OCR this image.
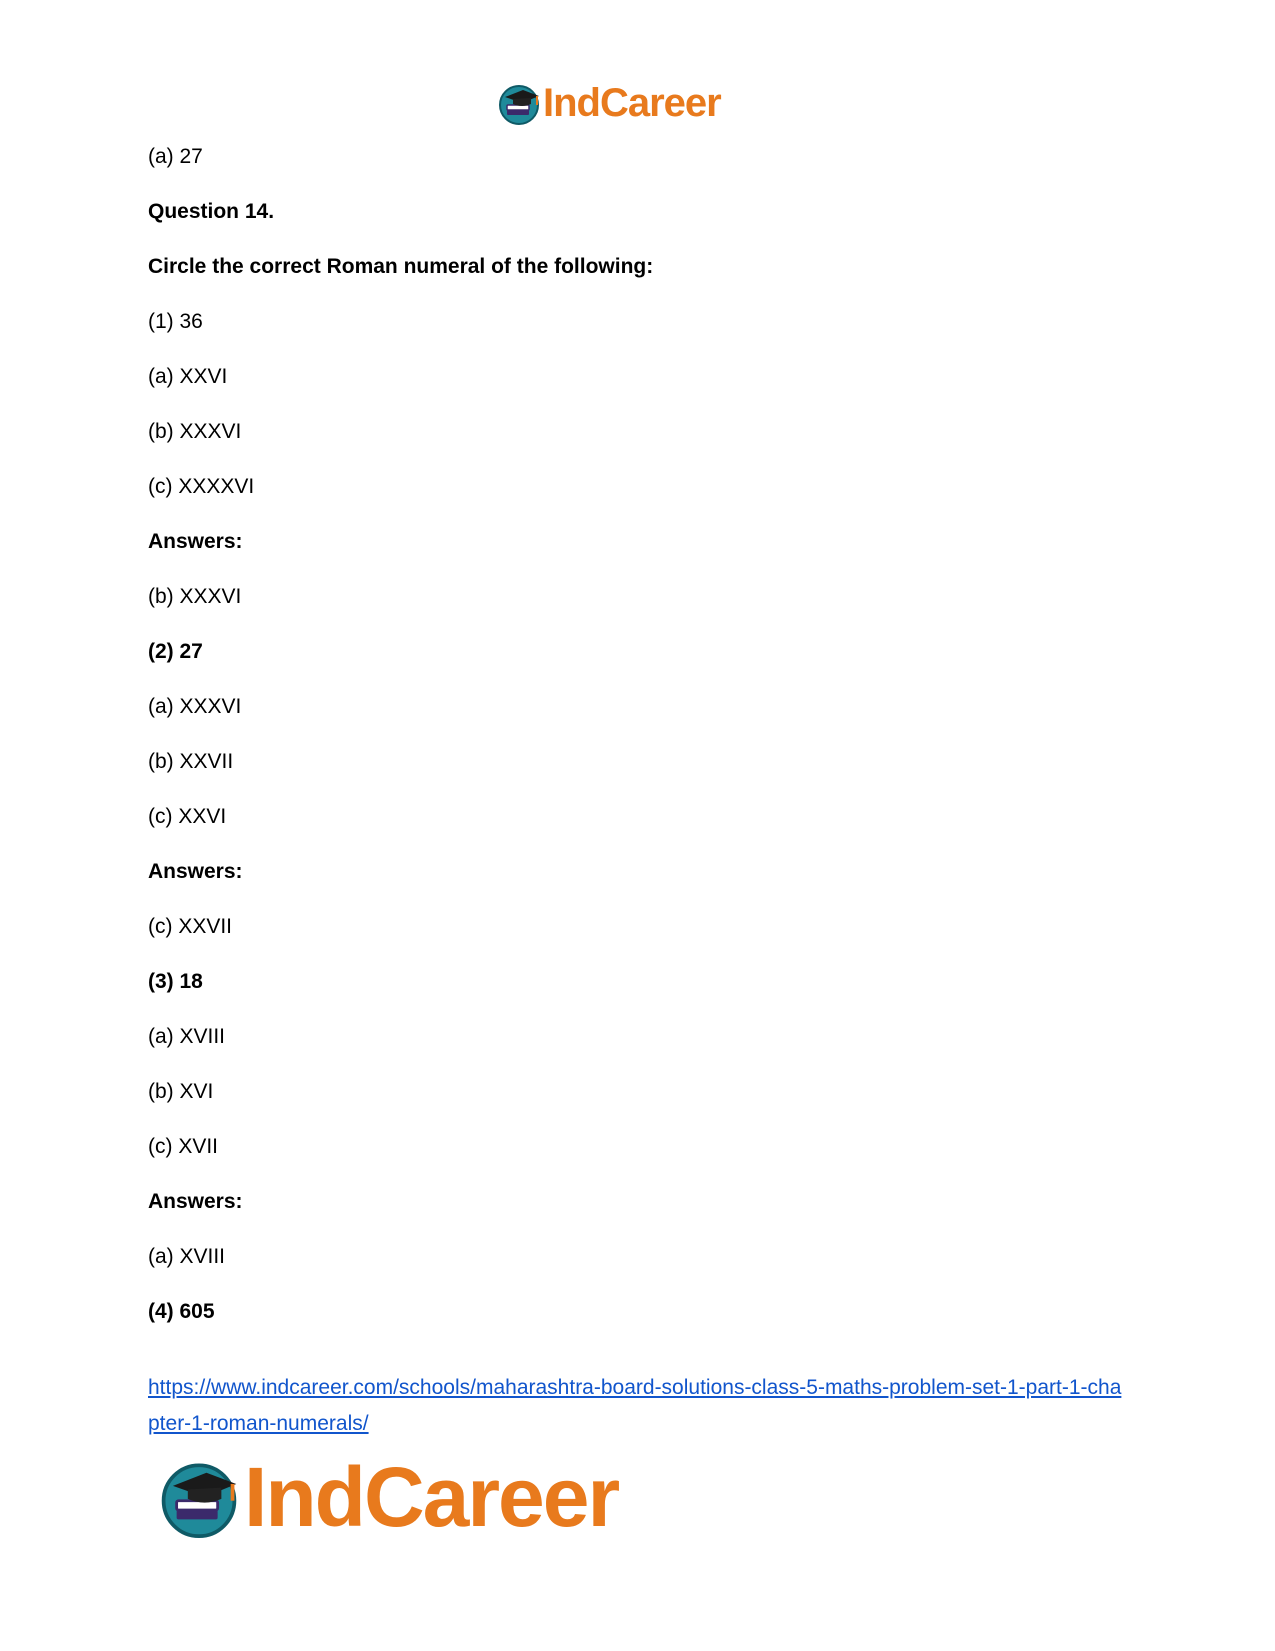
IndCareer
(a) 27
Question 14.
Circle the correct Roman numeral of the following:
(1) 36
(a) XXVI
(b) XXXVI
(c) XXXXVI
Answers:
(b) XXXVI
(2) 27
(a) XXXVI
(b) XXVII
(c) XXVI
Answers:
(c) XXVII
(3) 18
(a) XVIII
(b) XVI
(c) XVII
Answers:
(a) XVIII
(4) 605
https://www.indcareer.com/schools/maharashtra-board-solutions-class-5-maths-problem-set-1-part-1-chapter-1-roman-numerals/
IndCareer
